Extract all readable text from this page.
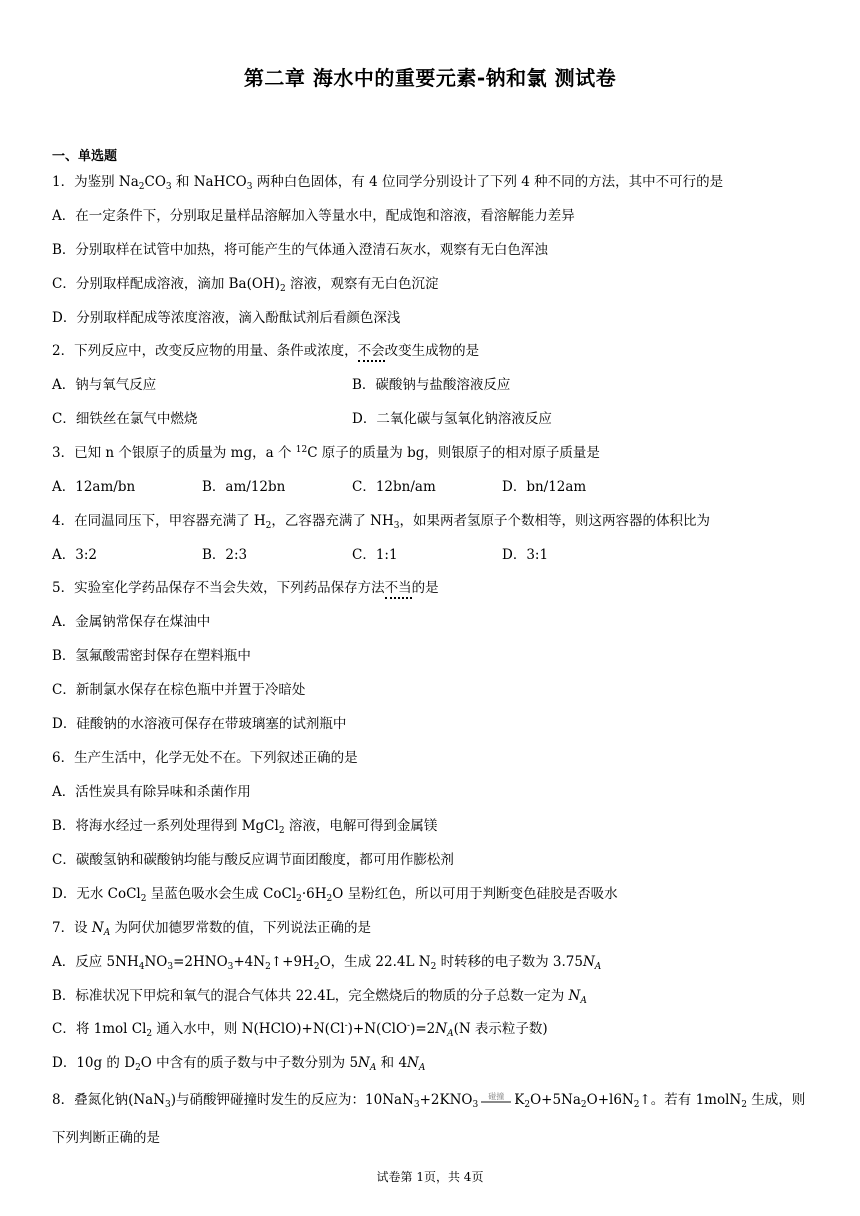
第二章 海水中的重要元素-钠和氯 测试卷
一、单选题
1．为鉴别 $Na_2CO_3$ 和 NaHCO$_3$ 两种白色固体，有 4 位同学分别设计了下列 4 种不同的方法，其中不可行的是
A．在一定条件下，分别取足量样品溶解加入等量水中，配成饱和溶液，看溶解能力差异
B．分别取样在试管中加热，将可能产生的气体通入澄清石灰水，观察有无白色浑浊
C．分别取样配成溶液，滴加 $Ba(OH)_2$ 溶液，观察有无白色沉淀
D．分别取样配成等浓度溶液，滴入酚酞试剂后看颜色深浅
2．下列反应中，改变反应物的用量、条件或浓度，不会改变生成物的是
A．钠与氧气反应	B．碳酸钠与盐酸溶液反应
C．细铁丝在氯气中燃烧	D．二氧化碳与氢氧化钠溶液反应
3．已知 n 个银原子的质量为 mg，a 个 $^{12}$C 原子的质量为 bg，则银原子的相对原子质量是
A．12am/bn	B．am/12bn	C．12bn/am	D．bn/12am
4．在同温同压下，甲容器充满了 $H_2$，乙容器充满了 $NH_3$，如果两者氢原子个数相等，则这两容器的体积比为
A．3:2	B．2:3	C．1:1	D．3:1
5．实验室化学药品保存不当会失效，下列药品保存方法不当的是
A．金属钠常保存在煤油中
B．氢氟酸需密封保存在塑料瓶中
C．新制氯水保存在棕色瓶中并置于冷暗处
D．硅酸钠的水溶液可保存在带玻璃塞的试剂瓶中
6．生产生活中，化学无处不在。下列叙述正确的是
A．活性炭具有除异味和杀菌作用
B．将海水经过一系列处理得到 MgCl$_2$ 溶液，电解可得到金属镁
C．碳酸氢钠和碳酸钠均能与酸反应调节面团酸度，都可用作膨松剂
D．无水 CoCl$_2$ 呈蓝色吸水会生成 $CoCl_2\cdot 6H_2O$ 呈粉红色，所以可用于判断变色硅胶是否吸水
7．设 $N_A$ 为阿伏加德罗常数的值，下列说法正确的是
A．反应 $5NH_4NO_3=2HNO_3+4N_2↑+9H_2O$，生成 22.4L $N_2$ 时转移的电子数为 $3.75N_A$
B．标准状况下甲烷和氧气的混合气体共 22.4L，完全燃烧后的物质的分子总数一定为 $N_A$
C．将 1mol $Cl_2$ 通入水中，则 $N(HClO)+N(Cl^-)+N(ClO^-)=2N_A(N$ 表示粒子数)
D．10g 的 $D_2O$ 中含有的质子数与中子数分别为 $5N_A$ 和 $4N_A$
8．叠氮化钠(NaN$_3$)与硝酸钾碰撞时发生的反应为：$10NaN_3+2KNO_3$
碰撞 $K_2O+5Na_2O+l6N_2↑$。若有 1molN$_2$ 生成，则
下列判断正确的是
试卷第 1页，共 4页
